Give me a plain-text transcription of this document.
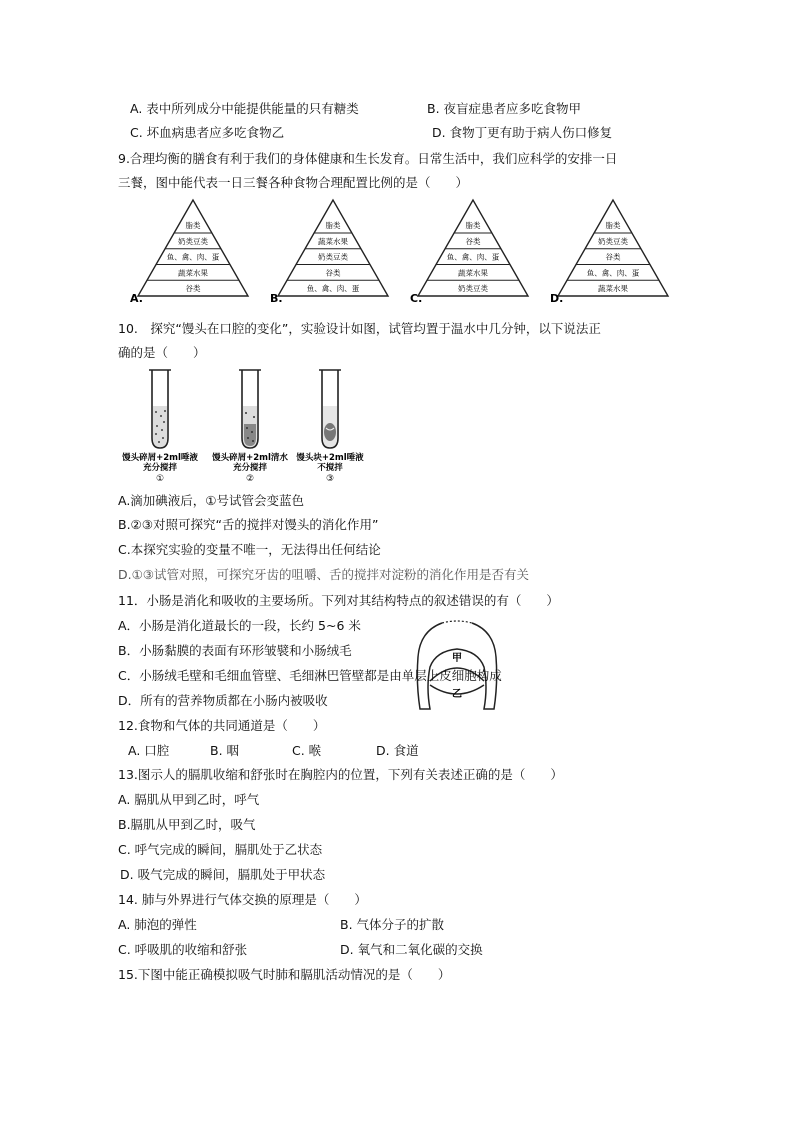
A. 表中所列成分中能提供能量的只有糖类	B. 夜盲症患者应多吃食物甲
C. 坏血病患者应多吃食物乙	D. 食物丁更有助于病人伤口修复
9.合理均衡的膳食有利于我们的身体健康和生长发育。日常生活中，我们应科学的安排一日
三餐，图中能代表一日三餐各种食物合理配置比例的是（　　）
脂类
奶类豆类
鱼、禽、肉、蛋
蔬菜水果
谷类
A.
脂类
蔬菜水果
奶类豆类
谷类
鱼、禽、肉、蛋
B.
脂类
谷类
鱼、禽、肉、蛋
蔬菜水果
奶类豆类
C.
脂类
奶类豆类
谷类
鱼、禽、肉、蛋
蔬菜水果
D.
10.　探究“馒头在口腔的变化”，实验设计如图，试管均置于温水中几分钟，以下说法正
确的是（　　）
馒头碎屑+2ml唾液
充分搅拌
①
馒头碎屑+2ml清水
充分搅拌
②
馒头块+2ml唾液
不搅拌
③
A.滴加碘液后，①号试管会变蓝色
B.②③对照可探究“舌的搅拌对馒头的消化作用”
C.本探究实验的变量不唯一，无法得出任何结论
D.①③试管对照，可探究牙齿的咀嚼、舌的搅拌对淀粉的消化作用是否有关
11．小肠是消化和吸收的主要场所。下列对其结构特点的叙述错误的有（　　）
A．小肠是消化道最长的一段，长约 5~6 米
B．小肠黏膜的表面有环形皱襞和小肠绒毛
甲
乙
C．小肠绒毛壁和毛细血管壁、毛细淋巴管壁都是由单层上皮细胞构成
D．所有的营养物质都在小肠内被吸收
12.食物和气体的共同通道是（　　）
A. 口腔	B. 咽	C. 喉	D. 食道
13.图示人的膈肌收缩和舒张时在胸腔内的位置，下列有关表述正确的是（　　）
A. 膈肌从甲到乙时，呼气
B.膈肌从甲到乙时，吸气
C. 呼气完成的瞬间，膈肌处于乙状态
D. 吸气完成的瞬间，膈肌处于甲状态
14. 肺与外界进行气体交换的原理是（　　）
A. 肺泡的弹性	B. 气体分子的扩散
C. 呼吸肌的收缩和舒张	D. 氧气和二氧化碳的交换
15.下图中能正确模拟吸气时肺和膈肌活动情况的是（　　）
